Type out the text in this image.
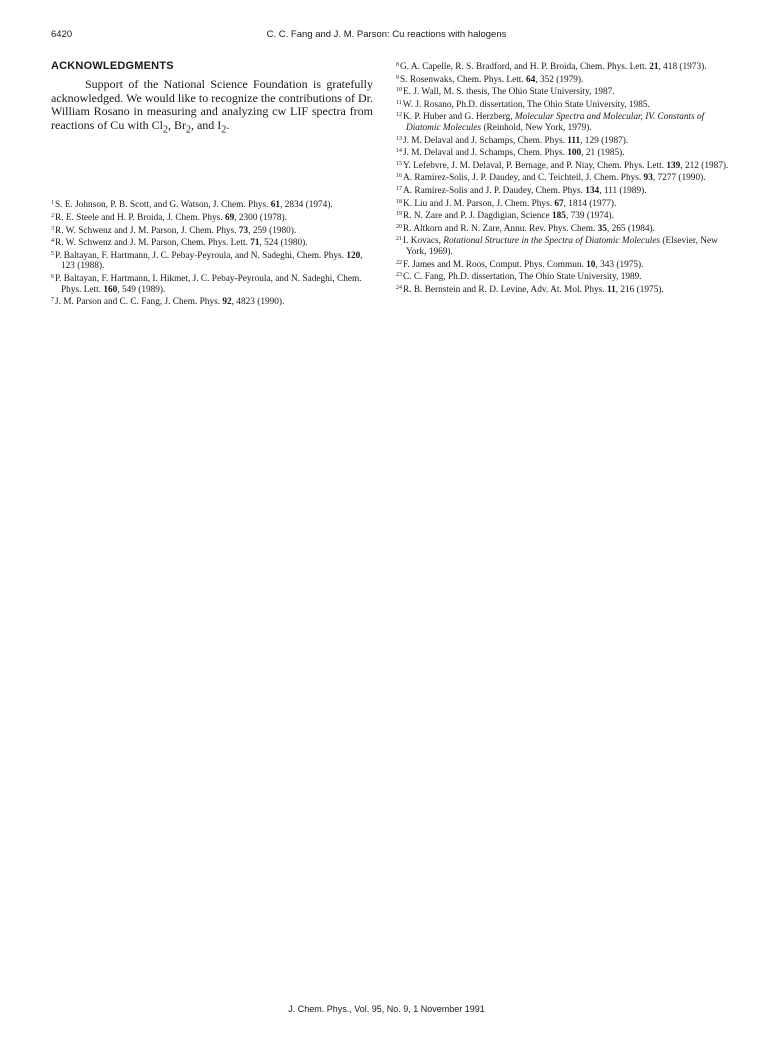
6420	C. C. Fang and J. M. Parson: Cu reactions with halogens
ACKNOWLEDGMENTS

Support of the National Science Foundation is gratefully acknowledged. We would like to recognize the contributions of Dr. William Rosano in measuring and analyzing cw LIF spectra from reactions of Cu with $Cl_2$, $Br_2$, and $I_2$.

$^1$S. E. Johnson, P. B. Scott, and G. Watson, J. Chem. Phys. 61, 2834 (1974).
$^2$R. E. Steele and H. P. Broida, J. Chem. Phys. 69, 2300 (1978).
$^3$R. W. Schwenz and J. M. Parson, J. Chem. Phys. 73, 259 (1980).
$^4$R. W. Schwenz and J. M. Parson, Chem. Phys. Lett. 71, 524 (1980).
$^5$P. Baltayan, F. Hartmann, J. C. Pebay-Peyroula, and N. Sadeghi, Chem. Phys. 120, 123 (1988).
$^6$P. Baltayan, F. Hartmann, I. Hikmet, J. C. Pebay-Peyroula, and N. Sadeghi, Chem. Phys. Lett. 160, 549 (1989).
$^7$J. M. Parson and C. C. Fang, J. Chem. Phys. 92, 4823 (1990).
$^8$G. A. Capelle, R. S. Bradford, and H. P. Broida, Chem. Phys. Lett. 21, 418 (1973).
$^9$S. Rosenwaks, Chem. Phys. Lett. 64, 352 (1979).
$^{10}$E. J. Wall, M. S. thesis, The Ohio State University, 1987.
$^{11}$W. J. Rosano, Ph.D. dissertation, The Ohio State University, 1985.
$^{12}$K. P. Huber and G. Herzberg, Molecular Spectra and Molecular, IV. Constants of Diatomic Molecules (Reinhold, New York, 1979).
$^{13}$J. M. Delaval and J. Schamps, Chem. Phys. 111, 129 (1987).
$^{14}$J. M. Delaval and J. Schamps, Chem. Phys. 100, 21 (1985).
$^{15}$Y. Lefebvre, J. M. Delaval, P. Bernage, and P. Niay, Chem. Phys. Lett. 139, 212 (1987).
$^{16}$A. Ramírez-Solis, J. P. Daudey, and C. Teichteil, J. Chem. Phys. 93, 7277 (1990).
$^{17}$A. Ramírez-Solis and J. P. Daudey, Chem. Phys. 134, 111 (1989).
$^{18}$K. Liu and J. M. Parson, J. Chem. Phys. 67, 1814 (1977).
$^{19}$R. N. Zare and P. J. Dagdigian, Science 185, 739 (1974).
$^{20}$R. Altkorn and R. N. Zare, Annu. Rev. Phys. Chem. 35, 265 (1984).
$^{21}$I. Kovacs, Rotational Structure in the Spectra of Diatomic Molecules (Elsevier, New York, 1969).
$^{22}$F. James and M. Roos, Comput. Phys. Commun. 10, 343 (1975).
$^{23}$C. C. Fang, Ph.D. dissertation, The Ohio State University, 1989.
$^{24}$R. B. Bernstein and R. D. Levine, Adv. At. Mol. Phys. 11, 216 (1975).
J. Chem. Phys., Vol. 95, No. 9, 1 November 1991
